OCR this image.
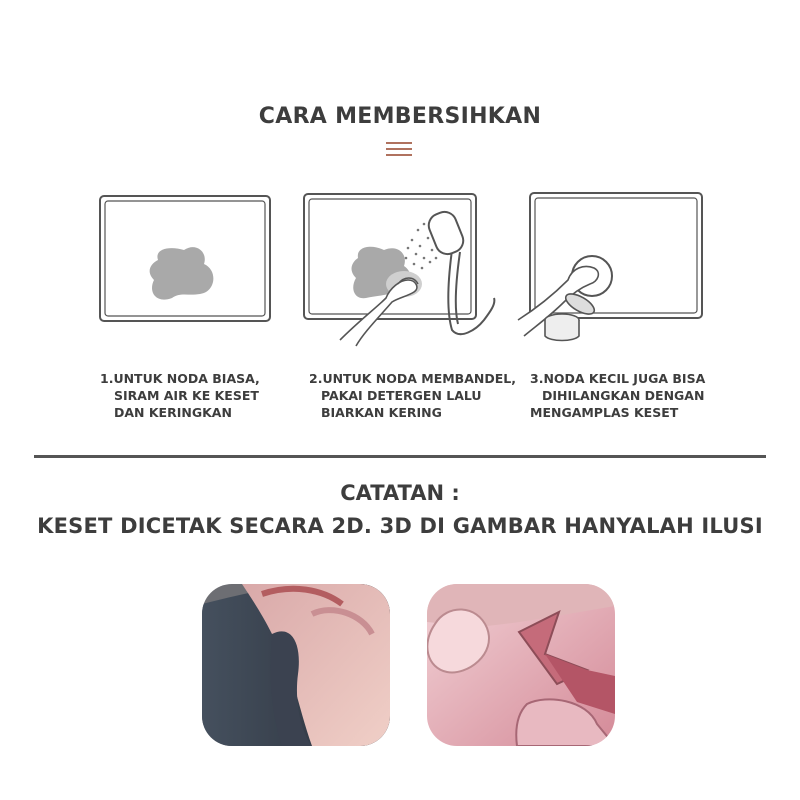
CARA MEMBERSIHKAN
1.UNTUK NODA BIASA,
SIRAM AIR KE KESET
DAN KERINGKAN
2.UNTUK NODA MEMBANDEL,
PAKAI DETERGEN LALU
BIARKAN KERING
3.NODA KECIL JUGA BISA
DIHILANGKAN DENGAN
MENGAMPLAS KESET
CATATAN :
KESET DICETAK SECARA 2D. 3D DI GAMBAR HANYALAH ILUSI
